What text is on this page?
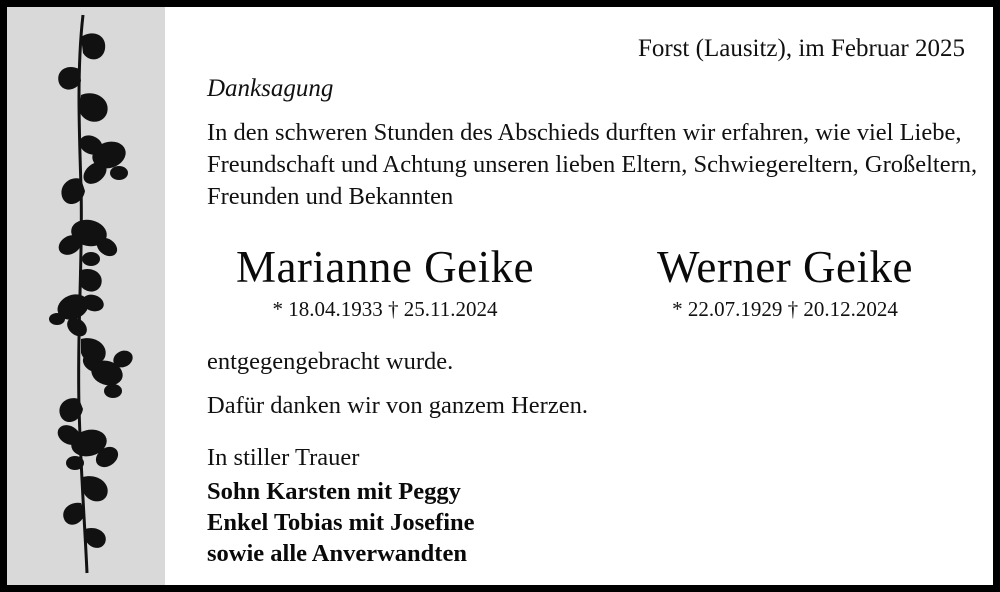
Forst (Lausitz), im Februar 2025
Danksagung
In den schweren Stunden des Abschieds durften wir erfahren, wie viel Liebe, Freundschaft und Achtung unseren lieben Eltern, Schwiegereltern, Großeltern, Freunden und Bekannten
Marianne Geike
* 18.04.1933 † 25.11.2024
Werner Geike
* 22.07.1929 † 20.12.2024
entgegengebracht wurde.
Dafür danken wir von ganzem Herzen.
In stiller Trauer
Sohn Karsten mit Peggy
Enkel Tobias mit Josefine
sowie alle Anverwandten
